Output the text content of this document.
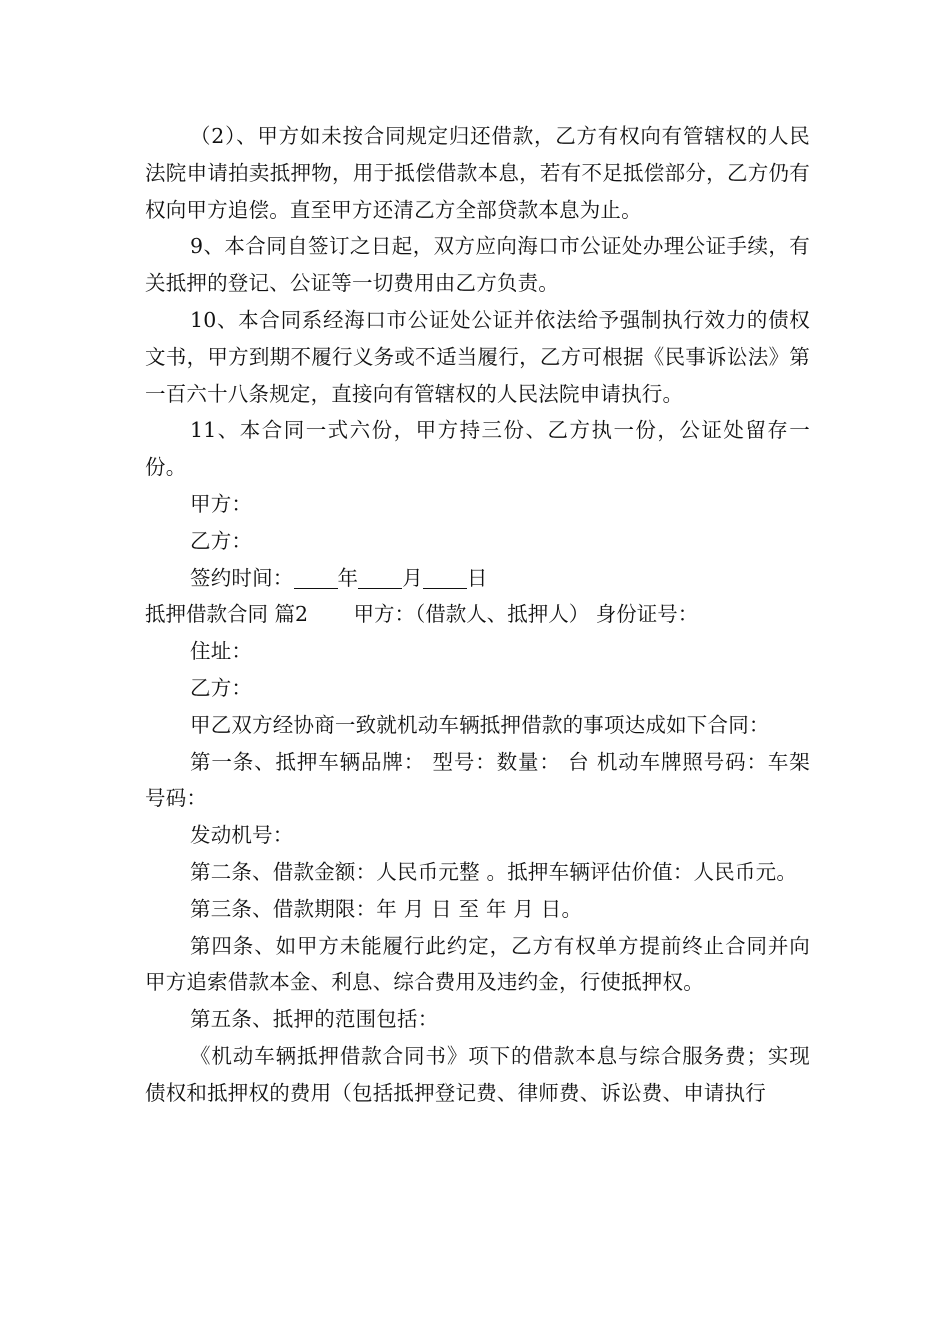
（2）、甲方如未按合同规定归还借款，乙方有权向有管辖权的人民法院申请拍卖抵押物，用于抵偿借款本息，若有不足抵偿部分，乙方仍有权向甲方追偿。直至甲方还清乙方全部贷款本息为止。

9、本合同自签订之日起，双方应向海口市公证处办理公证手续，有关抵押的登记、公证等一切费用由乙方负责。

10、本合同系经海口市公证处公证并依法给予强制执行效力的债权文书，甲方到期不履行义务或不适当履行，乙方可根据《民事诉讼法》第一百六十八条规定，直接向有管辖权的人民法院申请执行。

11、本合同一式六份，甲方持三份、乙方执一份，公证处留存一份。

甲方：

乙方：

签约时间： 年 月 日

抵押借款合同 篇2		甲方：（借款人、抵押人） 身份证号：

住址：

乙方：

甲乙双方经协商一致就机动车辆抵押借款的事项达成如下合同：

第一条、抵押车辆品牌： 型号：数量： 台 机动车牌照号码：车架号码：

发动机号：

第二条、借款金额：人民币元整 。抵押车辆评估价值：人民币元。

第三条、借款期限：年 月 日 至 年 月 日。

第四条、如甲方未能履行此约定，乙方有权单方提前终止合同并向甲方追索借款本金、利息、综合费用及违约金，行使抵押权。

第五条、抵押的范围包括：

《机动车辆抵押借款合同书》项下的借款本息与综合服务费；实现债权和抵押权的费用（包括抵押登记费、律师费、诉讼费、申请执行
